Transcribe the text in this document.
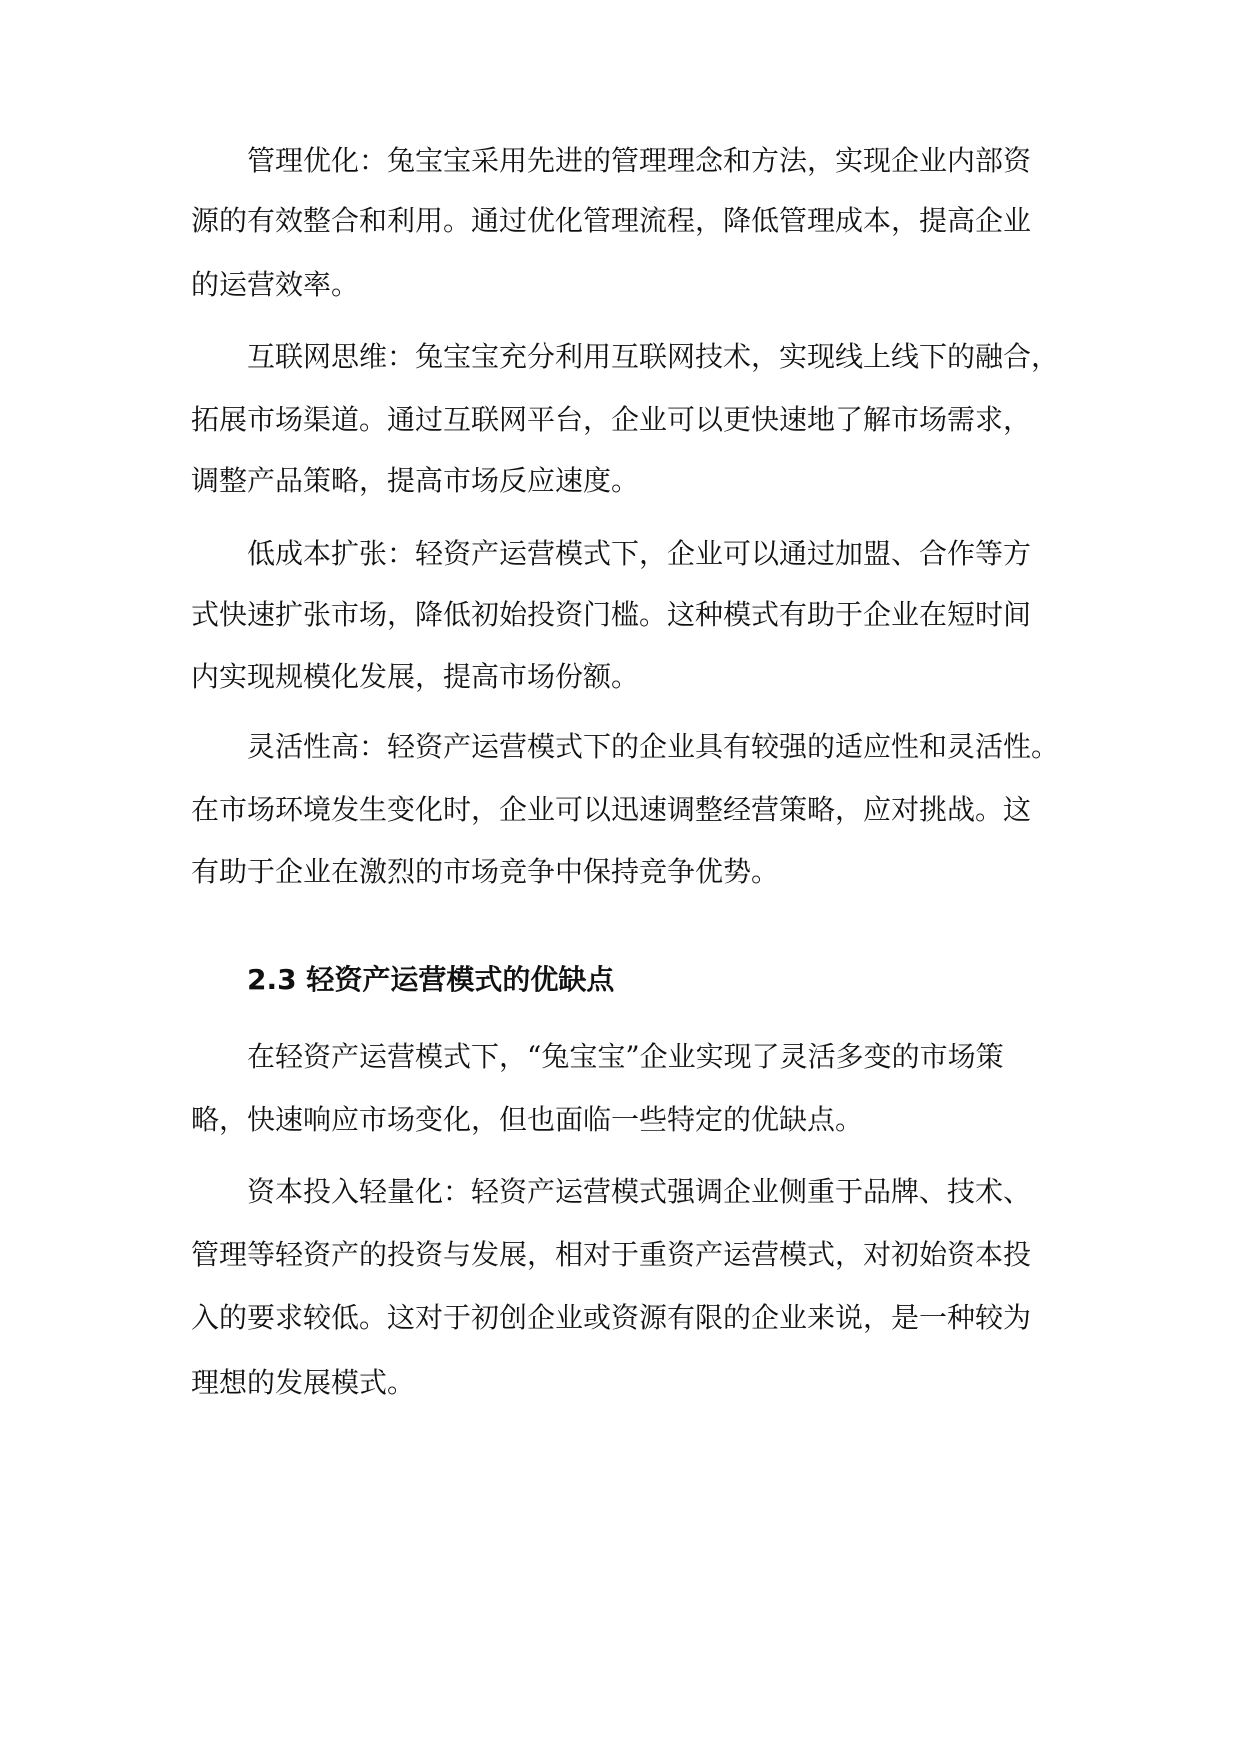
管理优化：兔宝宝采用先进的管理理念和方法，实现企业内部资
源的有效整合和利用。通过优化管理流程，降低管理成本，提高企业
的运营效率。
互联网思维：兔宝宝充分利用互联网技术，实现线上线下的融合，
拓展市场渠道。通过互联网平台，企业可以更快速地了解市场需求，
调整产品策略，提高市场反应速度。
低成本扩张：轻资产运营模式下，企业可以通过加盟、合作等方
式快速扩张市场，降低初始投资门槛。这种模式有助于企业在短时间
内实现规模化发展，提高市场份额。
灵活性高：轻资产运营模式下的企业具有较强的适应性和灵活性。
在市场环境发生变化时，企业可以迅速调整经营策略，应对挑战。这
有助于企业在激烈的市场竞争中保持竞争优势。
2.3 轻资产运营模式的优缺点
在轻资产运营模式下，“兔宝宝”企业实现了灵活多变的市场策
略，快速响应市场变化，但也面临一些特定的优缺点。
资本投入轻量化：轻资产运营模式强调企业侧重于品牌、技术、
管理等轻资产的投资与发展，相对于重资产运营模式，对初始资本投
入的要求较低。这对于初创企业或资源有限的企业来说，是一种较为
理想的发展模式。
